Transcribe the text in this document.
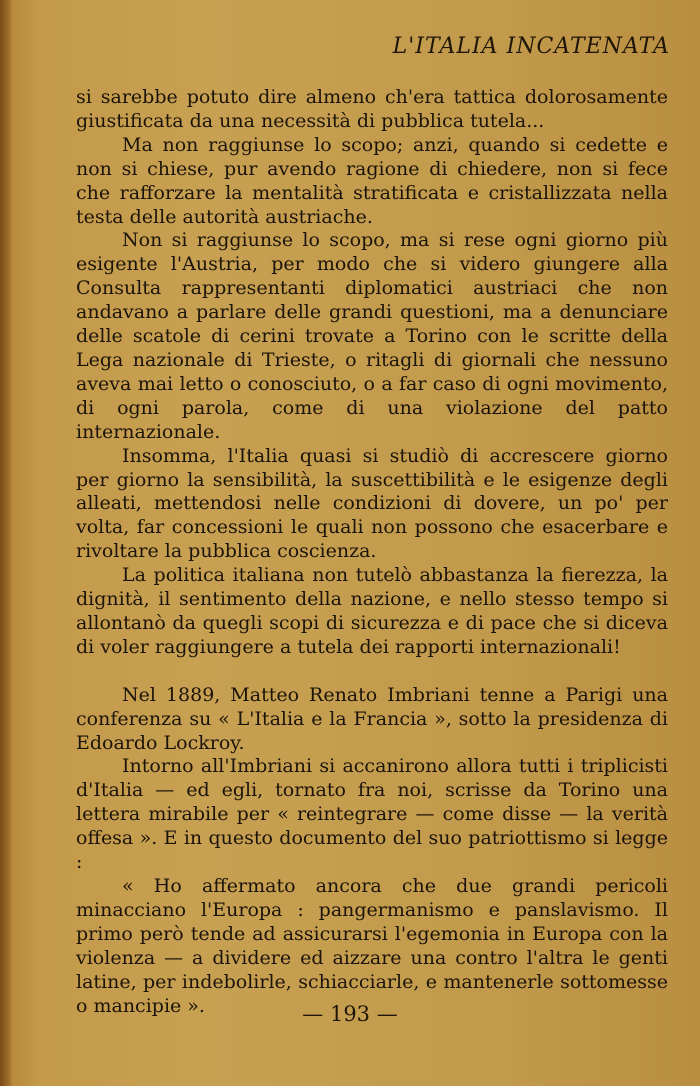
L'ITALIA INCATENATA

si sarebbe potuto dire almeno ch'era tattica dolorosamente giustificata da una necessità di pubblica tutela...

Ma non raggiunse lo scopo; anzi, quando si cedette e non si chiese, pur avendo ragione di chiedere, non si fece che rafforzare la mentalità stratificata e cristallizzata nella testa delle autorità austriache.

Non si raggiunse lo scopo, ma si rese ogni giorno più esigente l'Austria, per modo che si videro giungere alla Consulta rappresentanti diplomatici austriaci che non andavano a parlare delle grandi questioni, ma a denunciare delle scatole di cerini trovate a Torino con le scritte della Lega nazionale di Trieste, o ritagli di giornali che nessuno aveva mai letto o conosciuto, o a far caso di ogni movimento, di ogni parola, come di una violazione del patto internazionale.

Insomma, l'Italia quasi si studiò di accrescere giorno per giorno la sensibilità, la suscettibilità e le esigenze degli alleati, mettendosi nelle condizioni di dovere, un po' per volta, far concessioni le quali non possono che esacerbare e rivoltare la pubblica coscienza.

La politica italiana non tutelò abbastanza la fierezza, la dignità, il sentimento della nazione, e nello stesso tempo si allontanò da quegli scopi di sicurezza e di pace che si diceva di voler raggiungere a tutela dei rapporti internazionali!

Nel 1889, Matteo Renato Imbriani tenne a Parigi una conferenza su « L'Italia e la Francia », sotto la presidenza di Edoardo Lockroy.

Intorno all'Imbriani si accanirono allora tutti i triplicisti d'Italia — ed egli, tornato fra noi, scrisse da Torino una lettera mirabile per « reintegrare — come disse — la verità offesa ». E in questo documento del suo patriottismo si legge :

« Ho affermato ancora che due grandi pericoli minacciano l'Europa : pangermanismo e panslavismo. Il primo però tende ad assicurarsi l'egemonia in Europa con la violenza — a dividere ed aizzare una contro l'altra le genti latine, per indebolirle, schiacciarle, e mantenerle sottomesse o mancipie ».	— 193 —
